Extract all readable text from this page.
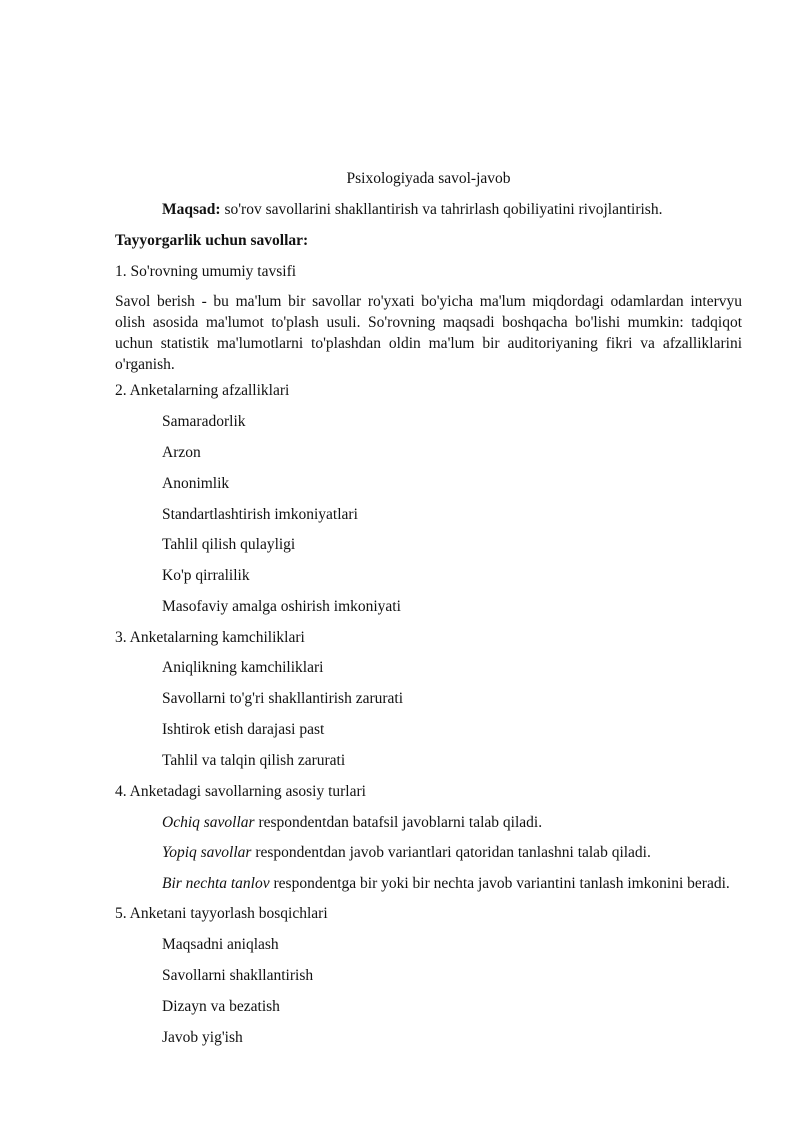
Psixologiyada savol-javob
Maqsad: so'rov savollarini shakllantirish va tahrirlash qobiliyatini rivojlantirish.
Tayyorgarlik uchun savollar:
1. So'rovning umumiy tavsifi
Savol berish - bu ma'lum bir savollar ro'yxati bo'yicha ma'lum miqdordagi odamlardan intervyu olish asosida ma'lumot to'plash usuli. So'rovning maqsadi boshqacha bo'lishi mumkin: tadqiqot uchun statistik ma'lumotlarni to'plashdan oldin ma'lum bir auditoriyaning fikri va afzalliklarini o'rganish.
2. Anketalarning afzalliklari
Samaradorlik
Arzon
Anonimlik
Standartlashtirish imkoniyatlari
Tahlil qilish qulayligi
Ko'p qirralilik
Masofaviy amalga oshirish imkoniyati
3. Anketalarning kamchiliklari
Aniqlikning kamchiliklari
Savollarni to'g'ri shakllantirish zarurati
Ishtirok etish darajasi past
Tahlil va talqin qilish zarurati
4. Anketadagi savollarning asosiy turlari
Ochiq savollar respondentdan batafsil javoblarni talab qiladi.
Yopiq savollar respondentdan javob variantlari qatoridan tanlashni talab qiladi.
Bir nechta tanlov respondentga bir yoki bir nechta javob variantini tanlash imkonini beradi.
5. Anketani tayyorlash bosqichlari
Maqsadni aniqlash
Savollarni shakllantirish
Dizayn va bezatish
Javob yig'ish
